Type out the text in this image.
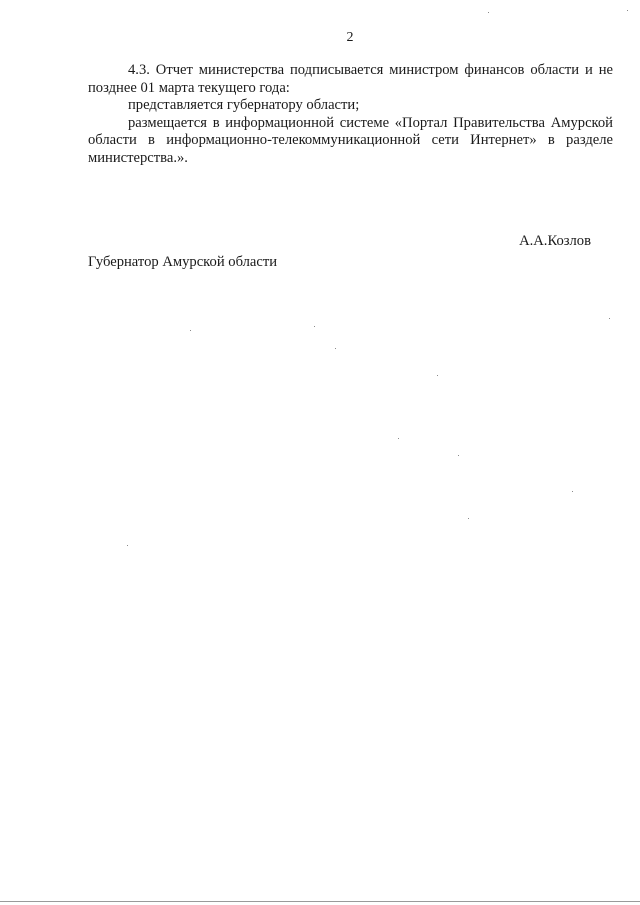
2

4.3. Отчет министерства подписывается министром финансов области и не позднее 01 марта текущего года:

представляется губернатору области;

размещается в информационной системе «Портал Правительства Амурской области в информационно-телекоммуникационной сети Интернет» в разделе министерства.».

Губернатор Амурской области
А.А.Козлов
